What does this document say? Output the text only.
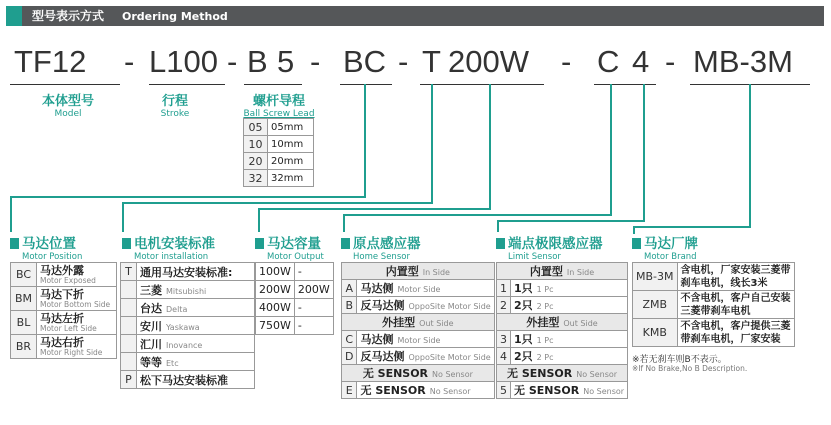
型号表示方式 Ordering Method
TF12 - L100 - B 5 - BC - T 200W - C 4 - MB-3M
本体型号
Model
行程
Stroke
螺杆导程
Ball Screw Lead
05	05mm
10	10mm
20	20mm
32	32mm
马达位置
Motor Position
BC	马达外露
Motor Exposed

BM	马达下折
Motor Bottom Side

BL	马达左折
Motor Left Side

BR	马达右折
Motor Right Side
电机安装标准
Motor installation
T	通用马达安装标准:
	三菱 Mitsubishi
	台达 Delta
	安川 Yaskawa
	汇川 Inovance
	等等 Etc
P	松下马达安装标准
马达容量
Motor Output
100W	-
200W	200W
400W	-
750W	-
原点感应器
Home Sensor
内置型 In Side	
A	马达侧 Motor Side
B	反马达侧 OppoSite Motor Side
外挂型 Out Side	
C	马达侧 Motor Side
D	反马达侧 OppoSite Motor Side
无 SENSOR No Sensor	
E	无 SENSOR No Sensor
端点极限感应器
Limit Sensor
内置型 In Side	
1	1只 1 Pc
2	2只 2 Pc
外挂型 Out Side	
3	1只 1 Pc
4	2只 2 Pc
无 SENSOR No Sensor	
5	无 SENSOR No Sensor
马达厂牌
Motor Brand
MB-3M	含电机，厂家安装三菱带
刹车电机，线长3米

ZMB	不含电机，客户自己安装
三菱带刹车电机

KMB	不含电机，客户提供三菱
带刹车电机，厂家安装
※若无刹车则B不表示。
※If No Brake,No B Description.
